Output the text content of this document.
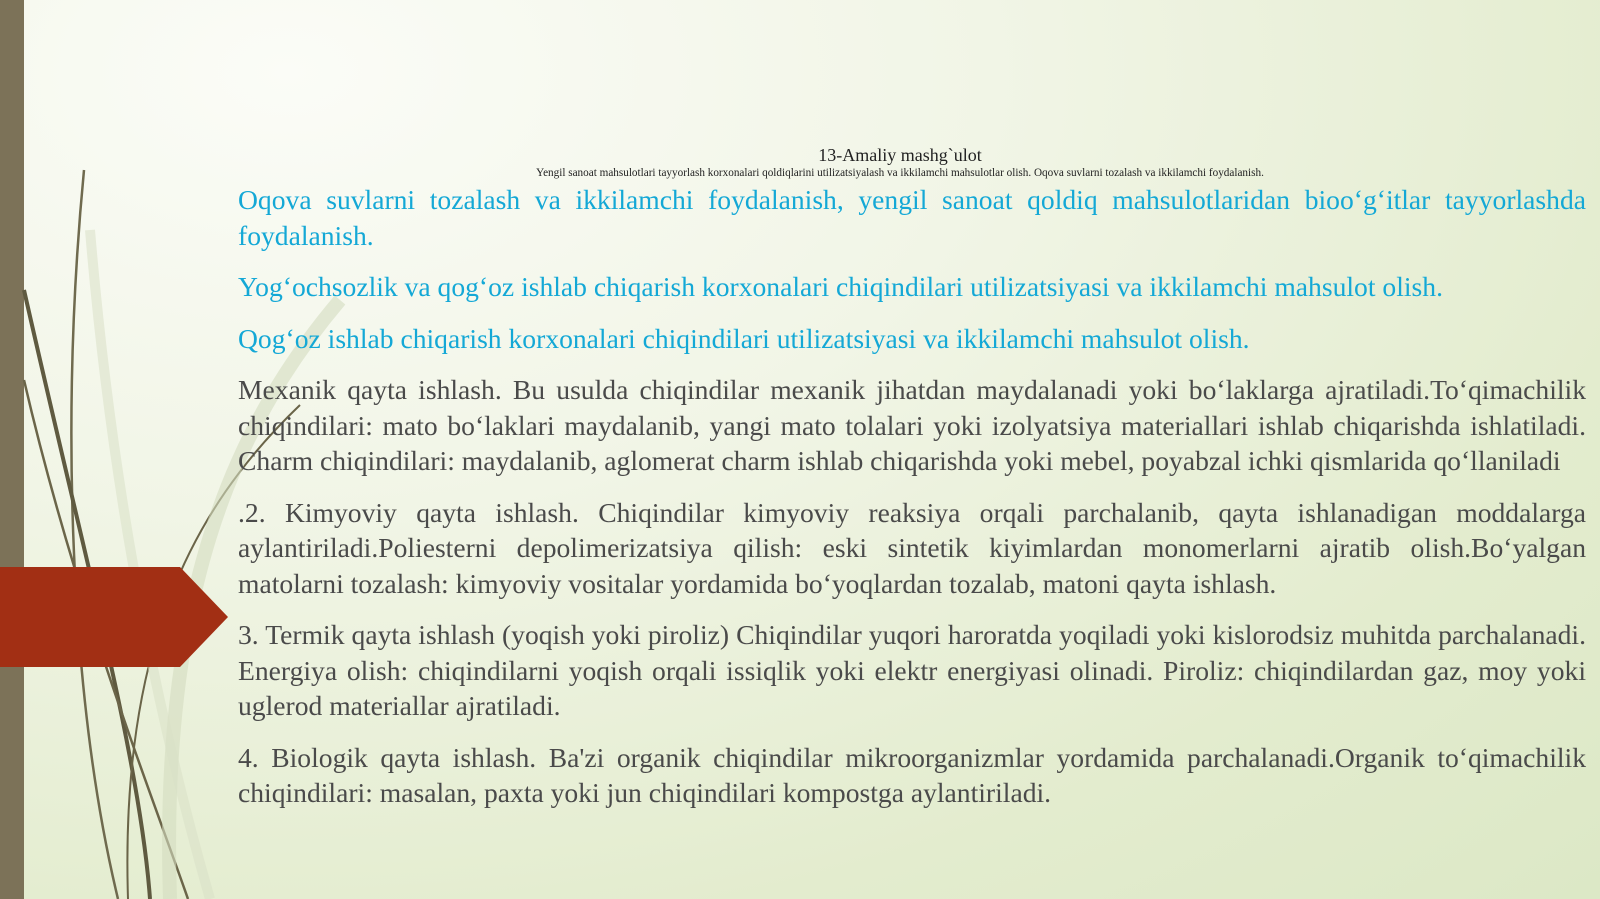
13-Amaliy mashg`ulot
Yengil sanoat mahsulotlari tayyorlash korxonalari qoldiqlarini utilizatsiyalash va ikkilamchi mahsulotlar olish. Oqova suvlarni tozalash va ikkilamchi foydalanish.

Oqova suvlarni tozalash va ikkilamchi foydalanish, yengil sanoat qoldiq mahsulotlaridan bioo‘g‘itlar tayyorlashda foydalanish.

Yog‘ochsozlik va qog‘oz ishlab chiqarish korxonalari chiqindilari utilizatsiyasi va ikkilamchi mahsulot olish.

Qog‘oz ishlab chiqarish korxonalari chiqindilari utilizatsiyasi va ikkilamchi mahsulot olish.

Mexanik qayta ishlash. Bu usulda chiqindilar mexanik jihatdan maydalanadi yoki bo‘laklarga ajratiladi.To‘qimachilik chiqindilari: mato bo‘laklari maydalanib, yangi mato tolalari yoki izolyatsiya materiallari ishlab chiqarishda ishlatiladi. Charm chiqindilari: maydalanib, aglomerat charm ishlab chiqarishda yoki mebel, poyabzal ichki qismlarida qo‘llaniladi

.2. Kimyoviy qayta ishlash. Chiqindilar kimyoviy reaksiya orqali parchalanib, qayta ishlanadigan moddalarga aylantiriladi.Poliesterni depolimerizatsiya qilish: eski sintetik kiyimlardan monomerlarni ajratib olish.Bo‘yalgan matolarni tozalash: kimyoviy vositalar yordamida bo‘yoqlardan tozalab, matoni qayta ishlash.

3. Termik qayta ishlash (yoqish yoki piroliz) Chiqindilar yuqori haroratda yoqiladi yoki kislorodsiz muhitda parchalanadi. Energiya olish: chiqindilarni yoqish orqali issiqlik yoki elektr energiyasi olinadi. Piroliz: chiqindilardan gaz, moy yoki uglerod materiallar ajratiladi.

4. Biologik qayta ishlash. Ba'zi organik chiqindilar mikroorganizmlar yordamida parchalanadi.Organik to‘qimachilik chiqindilari: masalan, paxta yoki jun chiqindilari kompostga aylantiriladi.
